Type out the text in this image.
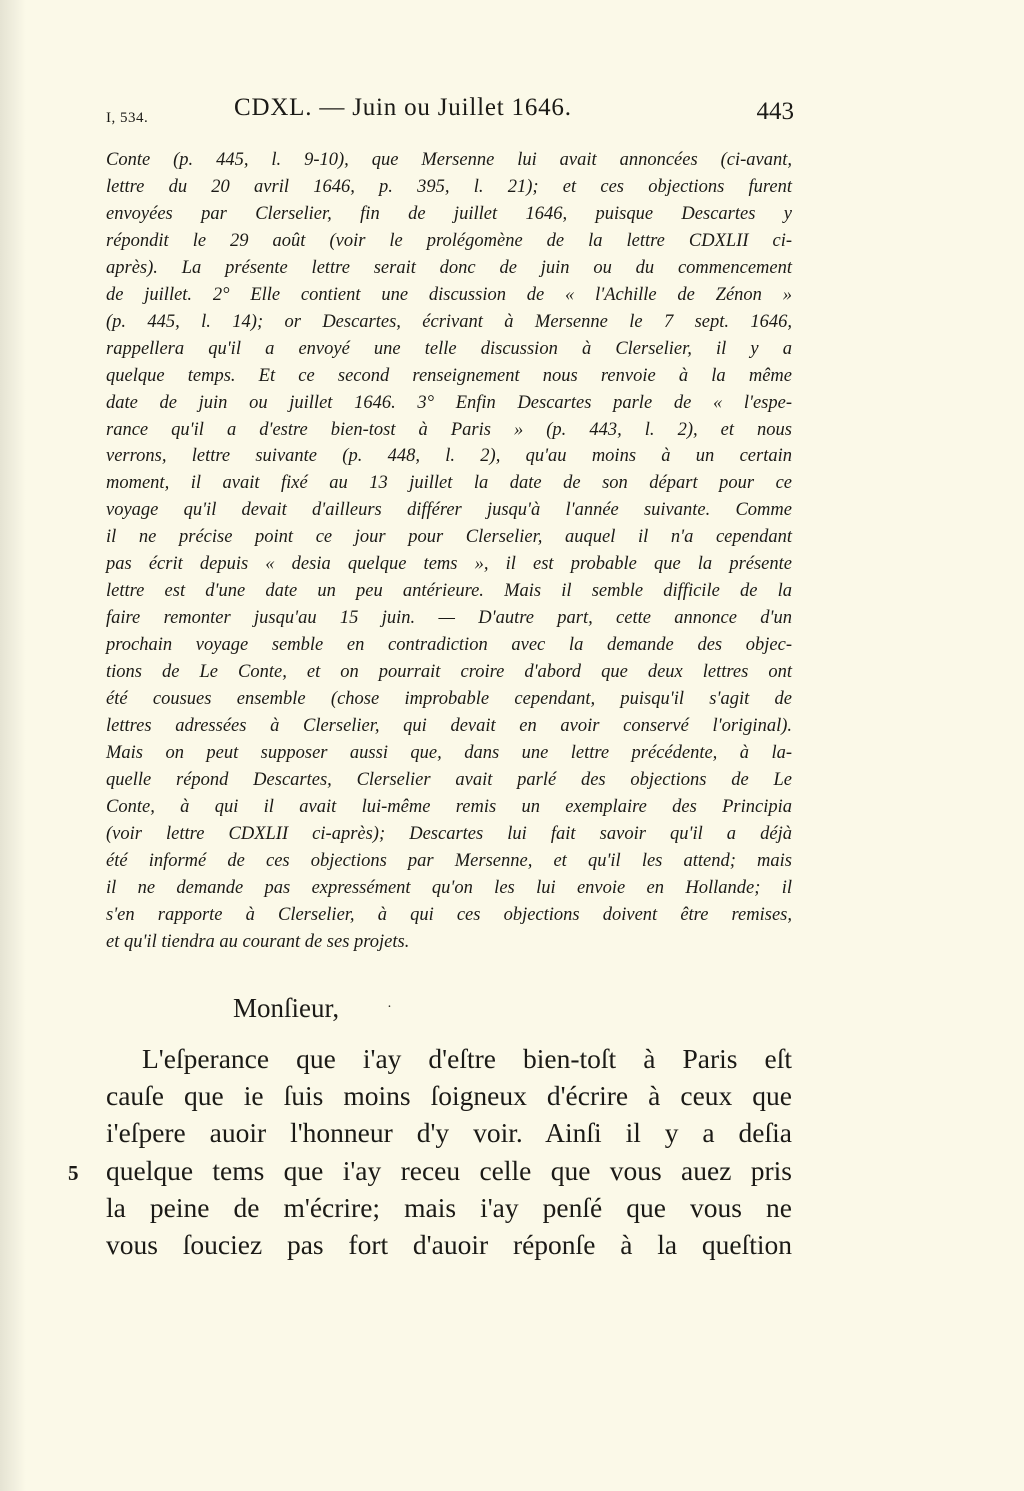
I, 534.	CDXL. — Juin ou Juillet 1646.	443
Conte (p. 445, l. 9-10), que Mersenne lui avait annoncées (ci-avant,
lettre du 20 avril 1646, p. 395, l. 21); et ces objections furent
envoyées par Clerselier, fin de juillet 1646, puisque Descartes y
répondit le 29 août (voir le prolégomène de la lettre CDXLII ci-
après). La présente lettre serait donc de juin ou du commencement
de juillet. 2° Elle contient une discussion de « l'Achille de Zénon »
(p. 445, l. 14); or Descartes, écrivant à Mersenne le 7 sept. 1646,
rappellera qu'il a envoyé une telle discussion à Clerselier, il y a
quelque temps. Et ce second renseignement nous renvoie à la même
date de juin ou juillet 1646. 3° Enfin Descartes parle de « l'espe-
rance qu'il a d'estre bien-tost à Paris » (p. 443, l. 2), et nous
verrons, lettre suivante (p. 448, l. 2), qu'au moins à un certain
moment, il avait fixé au 13 juillet la date de son départ pour ce
voyage qu'il devait d'ailleurs différer jusqu'à l'année suivante. Comme
il ne précise point ce jour pour Clerselier, auquel il n'a cependant
pas écrit depuis « desia quelque tems », il est probable que la présente
lettre est d'une date un peu antérieure. Mais il semble difficile de la
faire remonter jusqu'au 15 juin. — D'autre part, cette annonce d'un
prochain voyage semble en contradiction avec la demande des objec-
tions de Le Conte, et on pourrait croire d'abord que deux lettres ont
été cousues ensemble (chose improbable cependant, puisqu'il s'agit de
lettres adressées à Clerselier, qui devait en avoir conservé l'original).
Mais on peut supposer aussi que, dans une lettre précédente, à la-
quelle répond Descartes, Clerselier avait parlé des objections de Le
Conte, à qui il avait lui-même remis un exemplaire des Principia
(voir lettre CDXLII ci-après); Descartes lui fait savoir qu'il a déjà
été informé de ces objections par Mersenne, et qu'il les attend; mais
il ne demande pas expressément qu'on les lui envoie en Hollande; il
s'en rapporte à Clerselier, à qui ces objections doivent être remises,
et qu'il tiendra au courant de ses projets.
Monſieur,	·
5
L'eſperance que i'ay d'eſtre bien-toſt à Paris eſt
cauſe que ie ſuis moins ſoigneux d'écrire à ceux que
i'eſpere auoir l'honneur d'y voir. Ainſi il y a deſia
quelque tems que i'ay receu celle que vous auez pris
la peine de m'écrire; mais i'ay penſé que vous ne
vous ſouciez pas fort d'auoir réponſe à la queſtion
